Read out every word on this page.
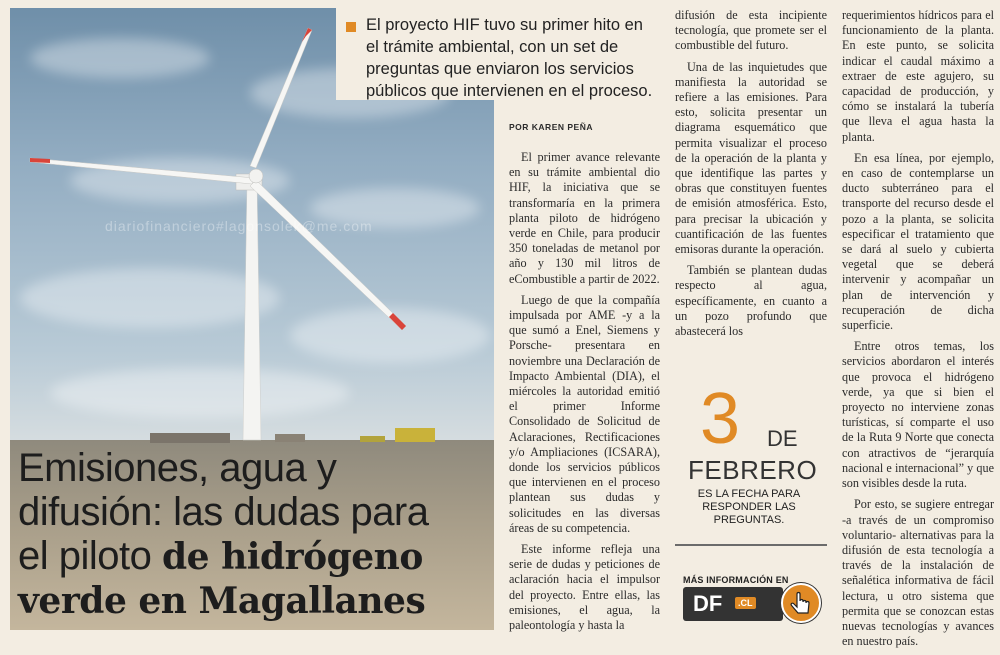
diariofinanciero#lagonsolek@me.com
Emisiones, agua y
difusión: las dudas para
el piloto de hidrógeno
verde en Magallanes
El proyecto HIF tuvo su primer hito en el trámite ambiental, con un set de preguntas que enviaron los servicios públicos que intervienen en el proceso.
POR KAREN PEÑA

El primer avance relevante en su trámite ambiental dio HIF, la iniciativa que se transformaría en la primera planta piloto de hidrógeno verde en Chile, para producir 350 toneladas de metanol por año y 130 mil litros de eCombustible a partir de 2022.

Luego de que la compañía impulsada por AME -y a la que sumó a Enel, Siemens y Porsche- presentara en noviembre una Declaración de Impacto Ambiental (DIA), el miércoles la autoridad emitió el primer Informe Consolidado de Solicitud de Aclaraciones, Rectificaciones y/o Ampliaciones (ICSARA), donde los servicios públicos que intervienen en el proceso plantean sus dudas y solicitudes en las diversas áreas de su competencia.

Este informe refleja una serie de dudas y peticiones de aclaración hacia el impulsor del proyecto. Entre ellas, las emisiones, el agua, la paleontología y hasta la

difusión de esta incipiente tecnología, que promete ser el combustible del futuro.

Una de las inquietudes que manifiesta la autoridad se refiere a las emisiones. Para esto, solicita presentar un diagrama esquemático que permita visualizar el proceso de la operación de la planta y que identifique las partes y obras que constituyen fuentes de emisión atmosférica. Esto, para precisar la ubicación y cuantificación de las fuentes emisoras durante la operación.

También se plantean dudas respecto al agua, específicamente, en cuanto a un pozo profundo que abastecerá los

requerimientos hídricos para el funcionamiento de la planta. En este punto, se solicita indicar el caudal máximo a extraer de este agujero, su capacidad de producción, y cómo se instalará la tubería que lleva el agua hasta la planta.

En esa línea, por ejemplo, en caso de contemplarse un ducto subterráneo para el transporte del recurso desde el pozo a la planta, se solicita especificar el tratamiento que se dará al suelo y cubierta vegetal que se deberá intervenir y acompañar un plan de intervención y recuperación de dicha superficie.

Entre otros temas, los servicios abordaron el interés que provoca el hidrógeno verde, ya que si bien el proyecto no interviene zonas turísticas, sí comparte el uso de la Ruta 9 Norte que conecta con atractivos de “jerarquía nacional e internacional” y que son visibles desde la ruta.

Por esto, se sugiere entregar -a través de un compromiso voluntario- alternativas para la difusión de esta tecnología a través de la instalación de señalética informativa de fácil lectura, u otro sistema que permita que se conozcan estas nuevas tecnologías y avances en nuestro país.

3 DE
FEBRERO
ES LA FECHA PARA RESPONDER LAS PREGUNTAS.
MÁS INFORMACIÓN EN
DF	.CL
